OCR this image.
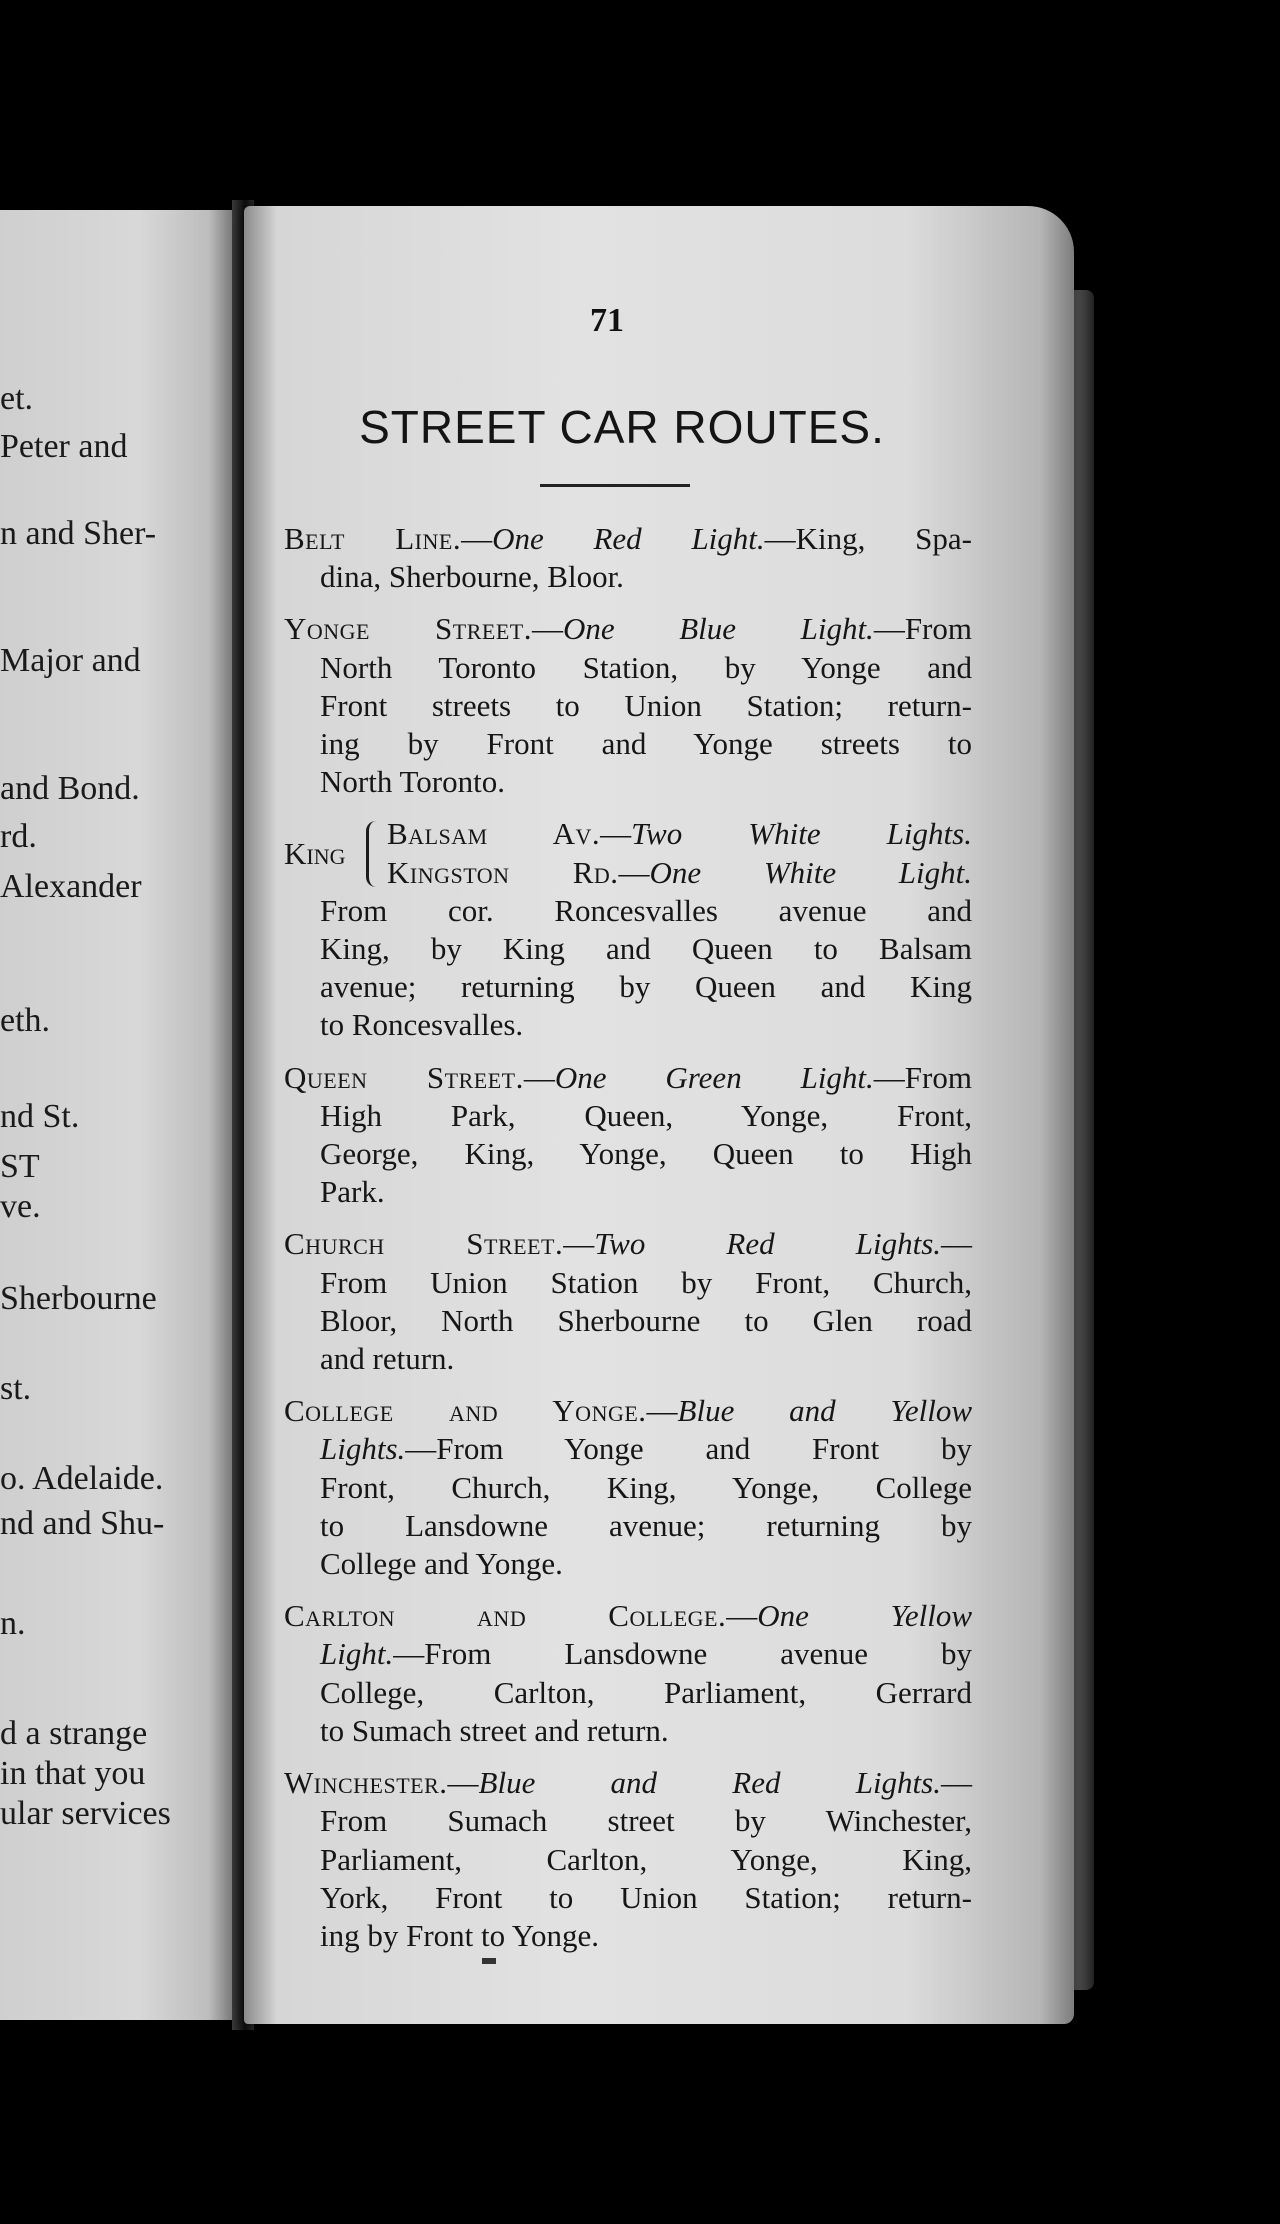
et.
Peter and
n and Sher-
Major and
and Bond.
rd.
Alexander
eth.
nd St.
ST
ve.
Sherbourne
st.
o. Adelaide.
nd and Shu-
n.
d a strange
in that you
ular services
71
STREET CAR ROUTES.
Belt Line.—One Red Light.—King, Spa-
dina, Sherbourne, Bloor.
Yonge Street.—One Blue Light.—From
North Toronto Station, by Yonge and
Front streets to Union Station; return-
ing by Front and Yonge streets to
North Toronto.
King
Balsam Av.—Two White Lights.
Kingston Rd.—One White Light.
From cor. Roncesvalles avenue and
King, by King and Queen to Balsam
avenue; returning by Queen and King
to Roncesvalles.
Queen Street.—One Green Light.—From
High Park, Queen, Yonge, Front,
George, King, Yonge, Queen to High
Park.
Church Street.—Two Red Lights.—
From Union Station by Front, Church,
Bloor, North Sherbourne to Glen road
and return.
College and Yonge.—Blue and Yellow
Lights.—From Yonge and Front by
Front, Church, King, Yonge, College
to Lansdowne avenue; returning by
College and Yonge.
Carlton and College.—One Yellow
Light.—From Lansdowne avenue by
College, Carlton, Parliament, Gerrard
to Sumach street and return.
Winchester.—Blue and Red Lights.—
From Sumach street by Winchester,
Parliament, Carlton, Yonge, King,
York, Front to Union Station; return-
ing by Front to Yonge.
